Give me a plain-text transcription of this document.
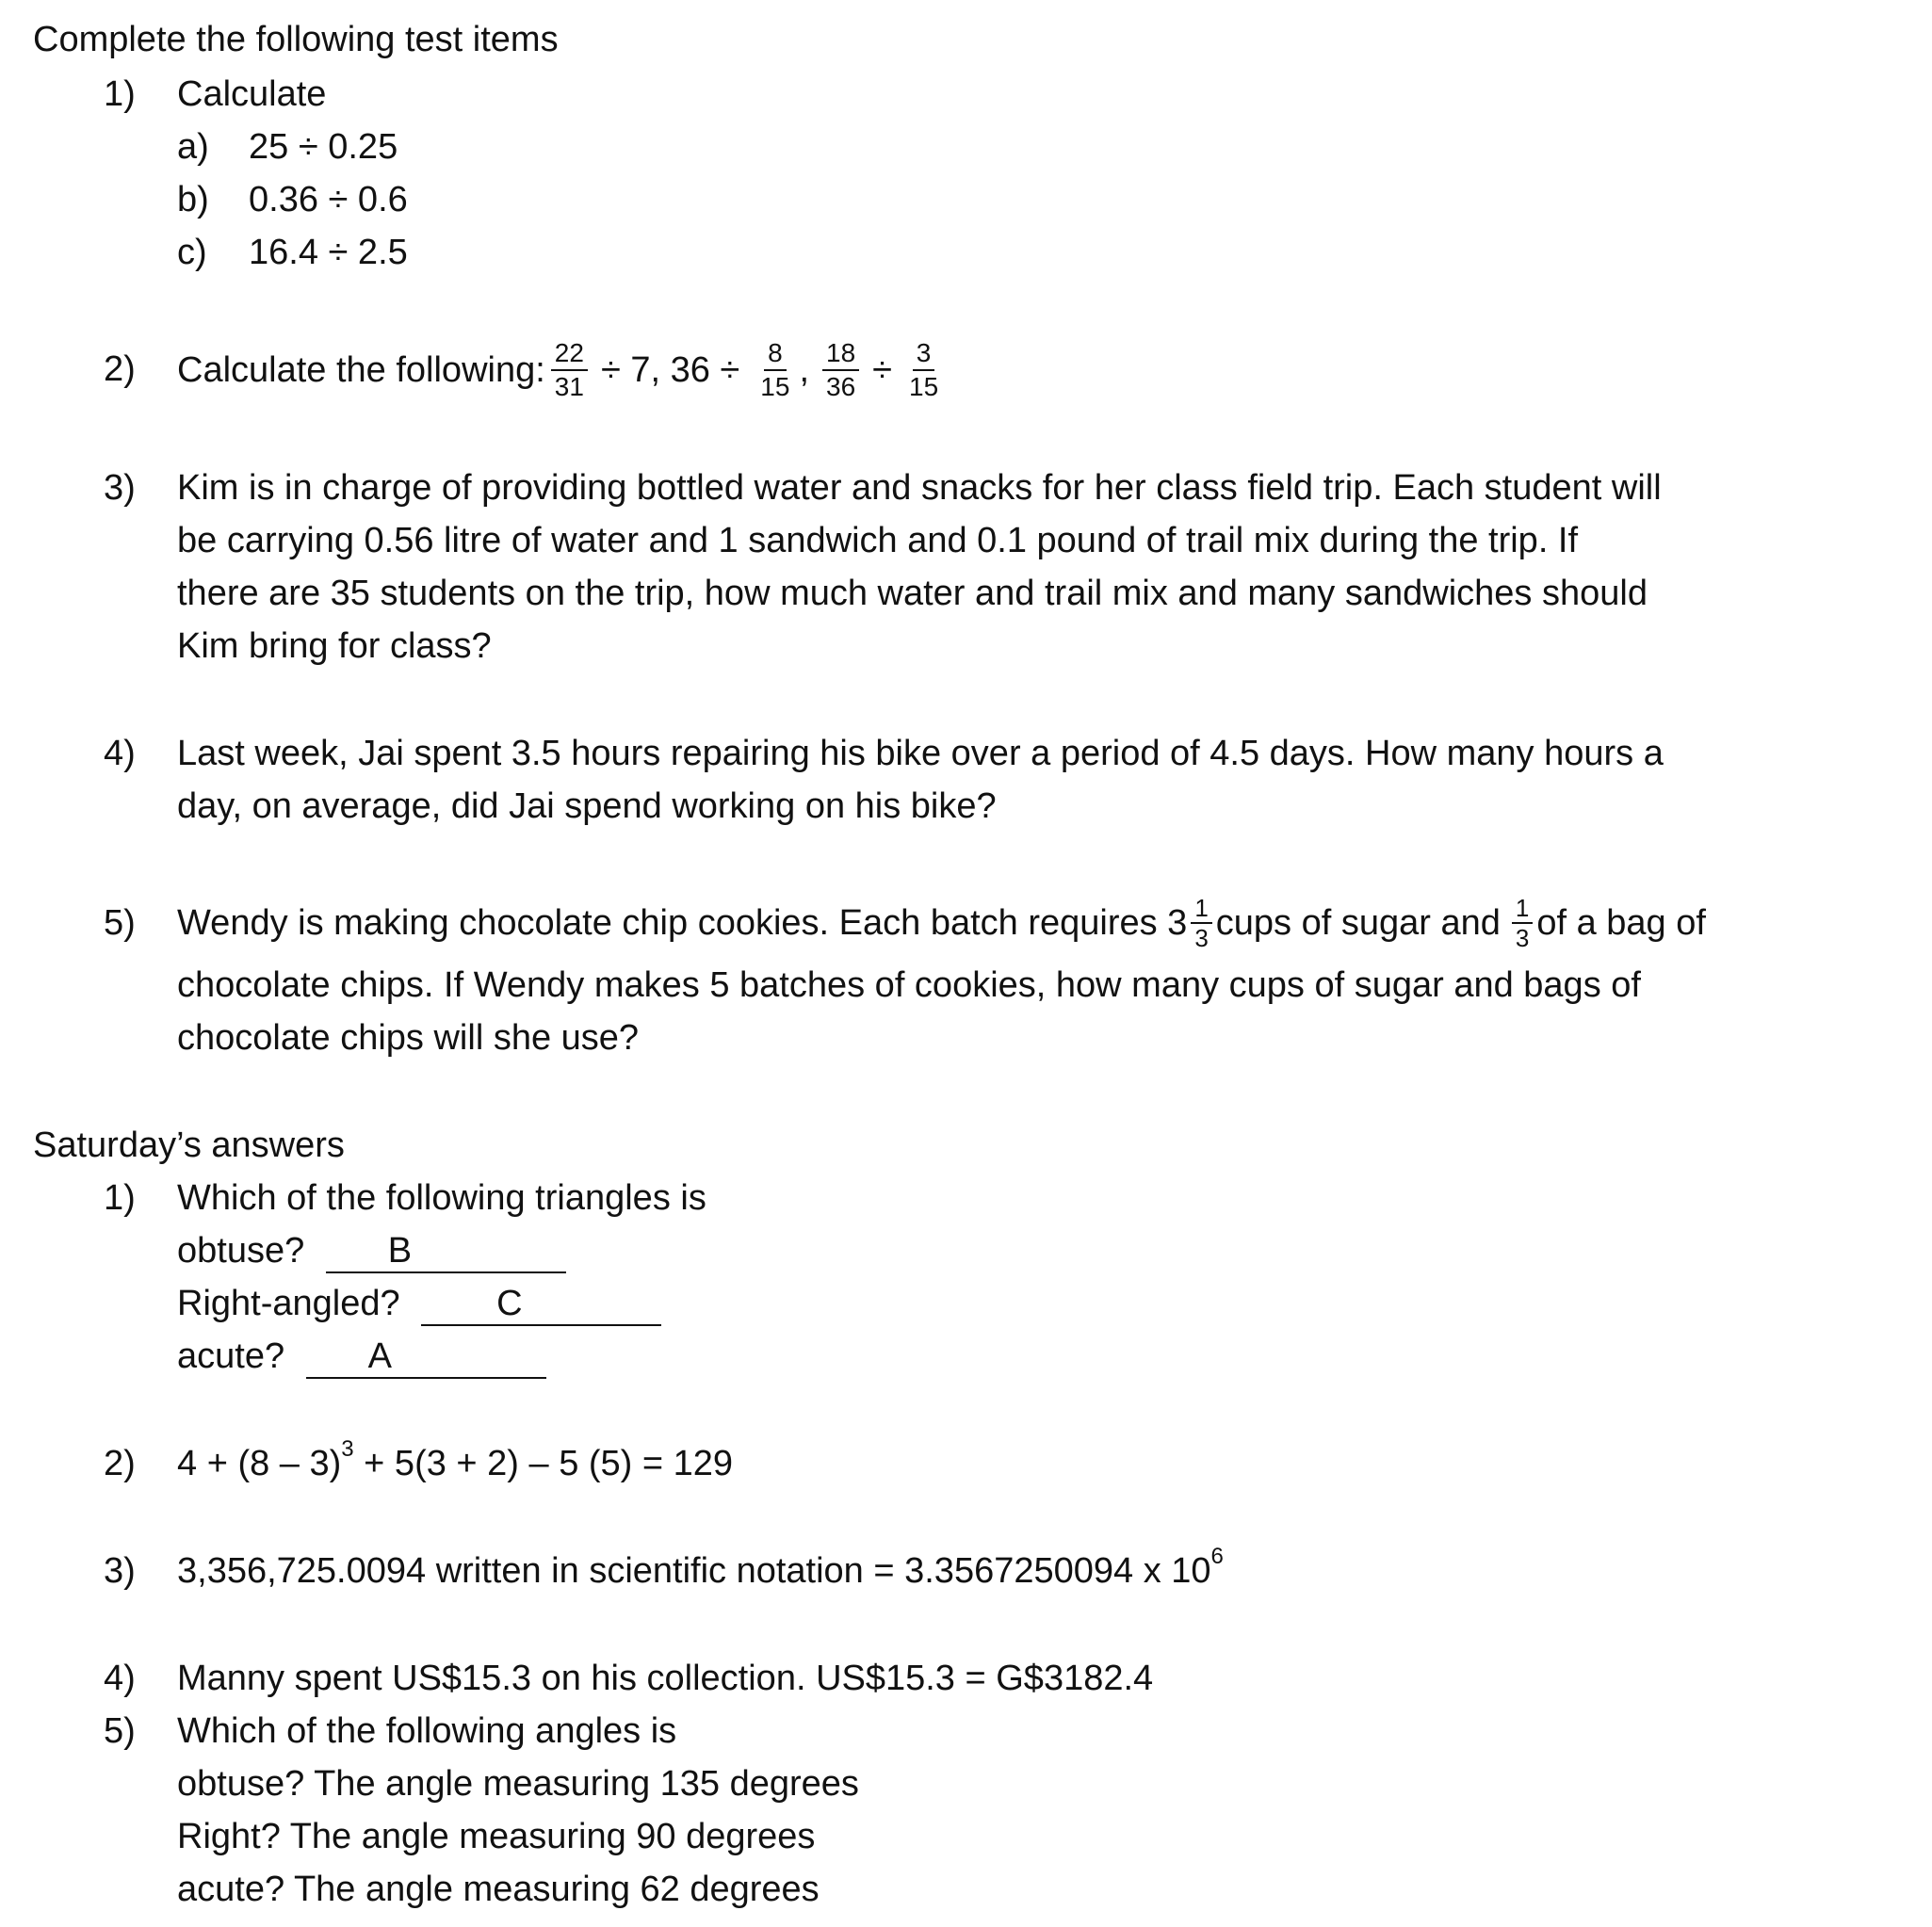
Complete the following test items
1) Calculate
a) 25 ÷ 0.25
b) 0.36 ÷ 0.6
c) 16.4 ÷ 2.5
2) Calculate the following: $\frac{22}{31} \div 7$, $36 \div \frac{8}{15}$ , $\frac{18}{36} \div \frac{3}{15}$
3) Kim is in charge of providing bottled water and snacks for her class field trip. Each student will
be carrying 0.56 litre of water and 1 sandwich and 0.1 pound of trail mix during the trip. If
there are 35 students on the trip, how much water and trail mix and many sandwiches should
Kim bring for class?
4) Last week, Jai spent 3.5 hours repairing his bike over a period of 4.5 days. How many hours a
day, on average, did Jai spend working on his bike?
5) Wendy is making chocolate chip cookies. Each batch requires $3 \frac{1}{3}$ cups of sugar and $\frac{1}{3}$ of a bag of
chocolate chips. If Wendy makes 5 batches of cookies, how many cups of sugar and bags of
chocolate chips will she use?
Saturday’s answers
1) Which of the following triangles is
obtuse? B
Right-angled?	C
acute? A
2) 4 + (8 – 3)$^3$ + 5(3 + 2) – 5 (5) = 129
3) 3,356,725.0094 written in scientific notation = 3.3567250094 x $10^6$
4) Manny spent US$15.3 on his collection. US$15.3 = G$3182.4
5) Which of the following angles is
obtuse? The angle measuring 135 degrees
Right? The angle measuring 90 degrees
acute? The angle measuring 62 degrees
